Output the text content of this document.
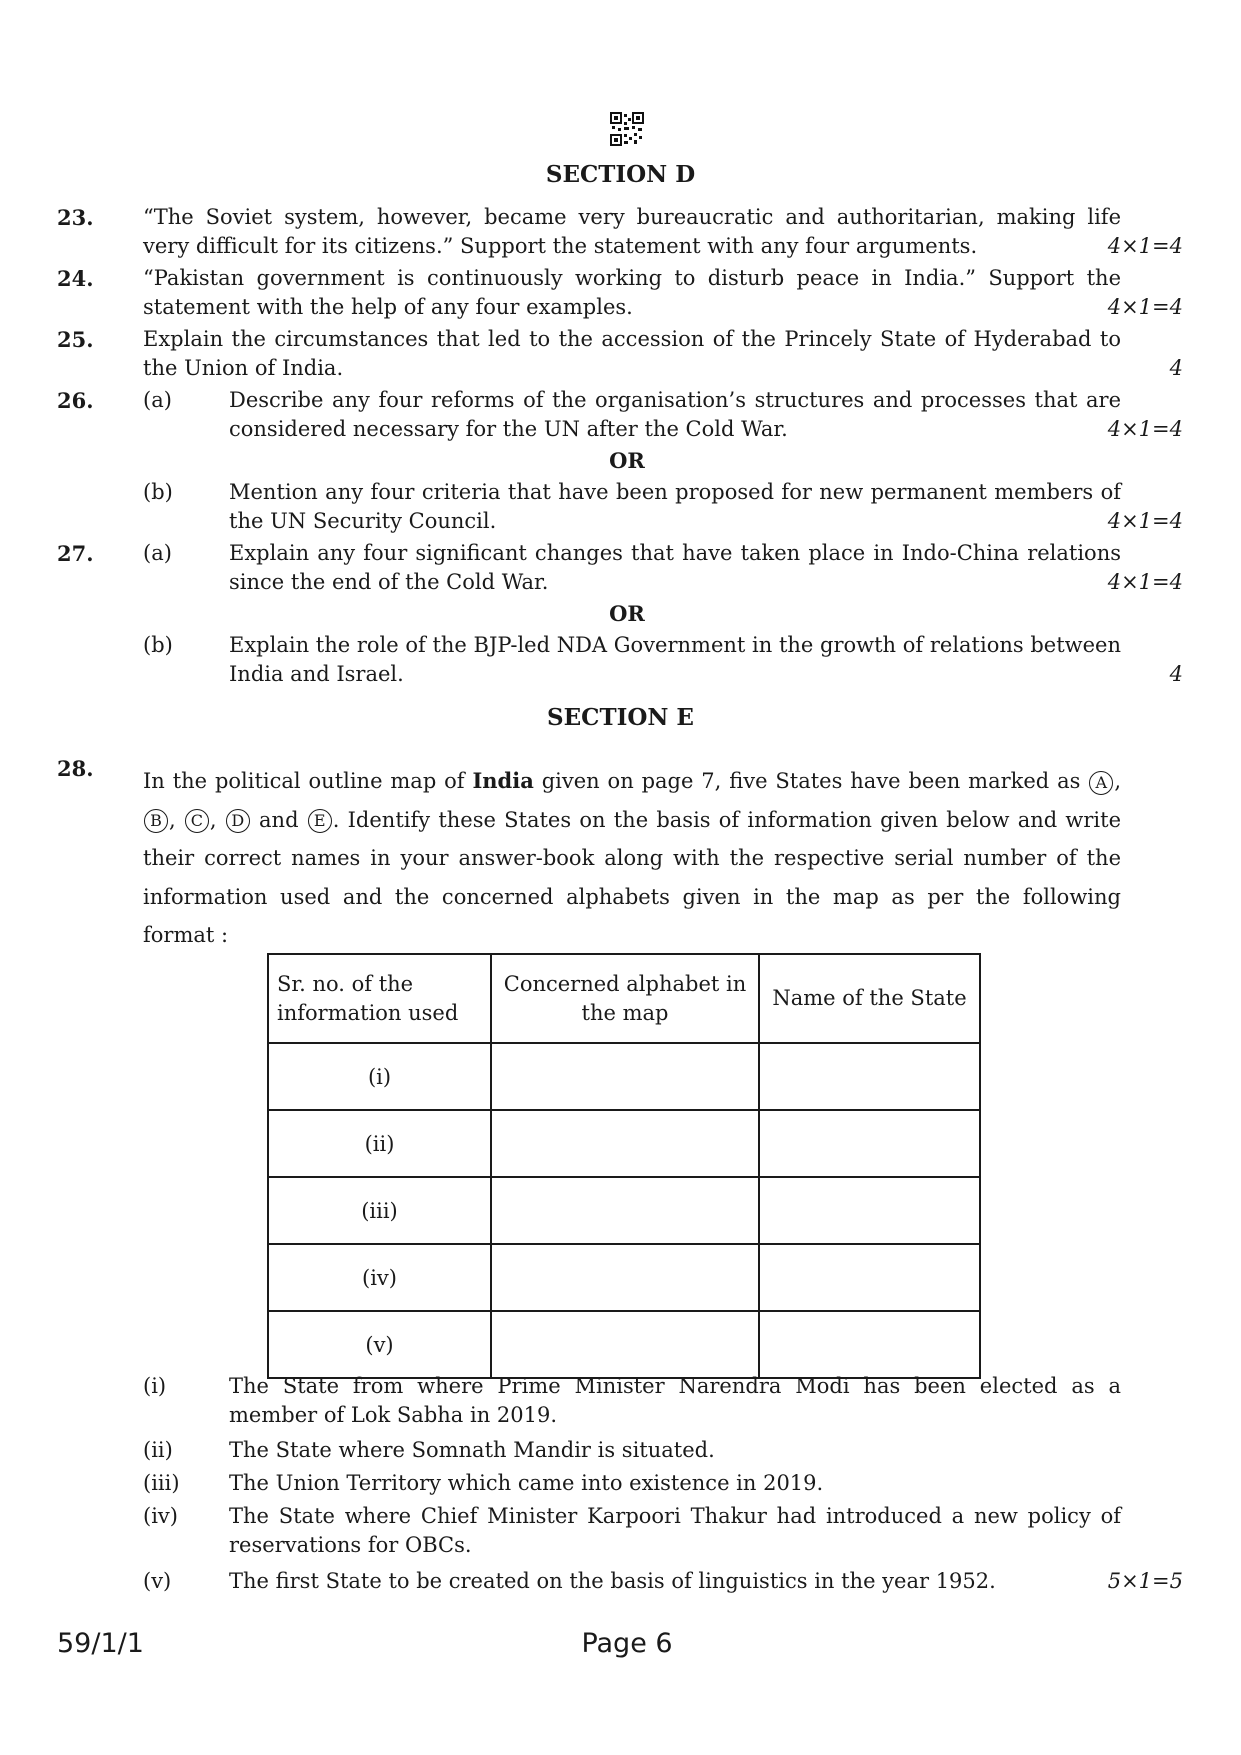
SECTION D
23. “The Soviet system, however, became very bureaucratic and authoritarian, making life very difficult for its citizens.” Support the statement with any four arguments.	4×1=4
24. “Pakistan government is continuously working to disturb peace in India.” Support the statement with the help of any four examples.	4×1=4
25. Explain the circumstances that led to the accession of the Princely State of Hyderabad to the Union of India.	4
26. (a)	Describe any four reforms of the organisation’s structures and processes that are considered necessary for the UN after the Cold War.	4×1=4
OR
(b)	Mention any four criteria that have been proposed for new permanent members of the UN Security Council.	4×1=4
27. (a)	Explain any four significant changes that have taken place in Indo-China relations since the end of the Cold War.	4×1=4
OR
(b)	Explain the role of the BJP-led NDA Government in the growth of relations between India and Israel.	4
SECTION E
28. In the political outline map of India given on page 7, five States have been marked as A , B , C , D and E . Identify these States on the basis of information given below and write their correct names in your answer-book along with the respective serial number of the information used and the concerned alphabets given in the map as per the following format :
Sr. no. of the information used	Concerned alphabet in the map	Name of the State
(i)		
(ii)		
(iii)		
(iv)		
(v)		
(i)	The State from where Prime Minister Narendra Modi has been elected as a member of Lok Sabha in 2019.
(ii)	The State where Somnath Mandir is situated.
(iii) The Union Territory which came into existence in 2019.
(iv) The State where Chief Minister Karpoori Thakur had introduced a new policy of reservations for OBCs.
(v)	The first State to be created on the basis of linguistics in the year 1952.	5×1=5
59/1/1	Page 6
